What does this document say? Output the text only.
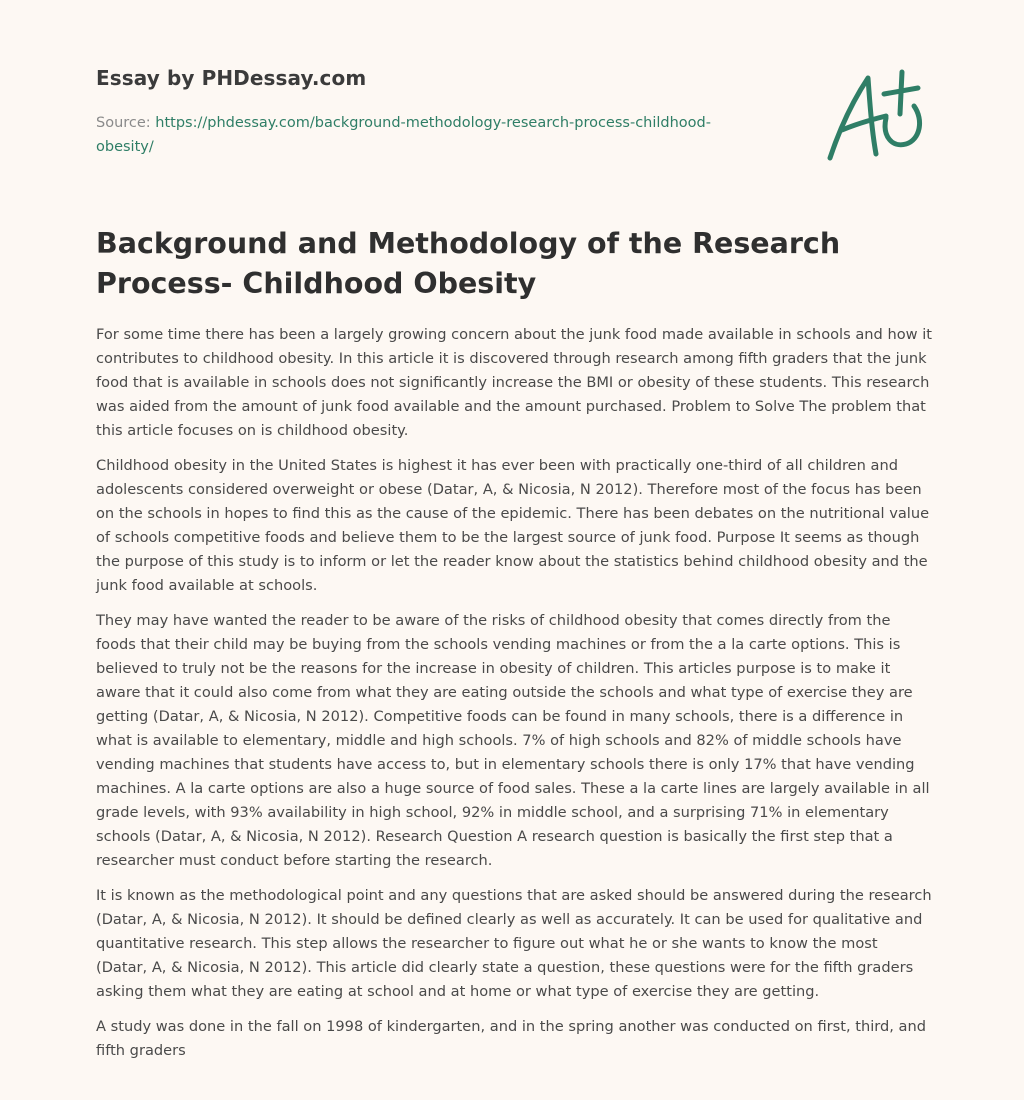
Essay by PHDessay.com

Source: https://phdessay.com/background-methodology-research-process-childhood-obesity/

Background and Methodology of the Research Process- Childhood Obesity

For some time there has been a largely growing concern about the junk food made available in schools and how it contributes to childhood obesity. In this article it is discovered through research among fifth graders that the junk food that is available in schools does not significantly increase the BMI or obesity of these students. This research was aided from the amount of junk food available and the amount purchased. Problem to Solve The problem that this article focuses on is childhood obesity.

Childhood obesity in the United States is highest it has ever been with practically one-third of all children and adolescents considered overweight or obese (Datar, A, & Nicosia, N 2012). Therefore most of the focus has been on the schools in hopes to find this as the cause of the epidemic. There has been debates on the nutritional value of schools competitive foods and believe them to be the largest source of junk food. Purpose It seems as though the purpose of this study is to inform or let the reader know about the statistics behind childhood obesity and the junk food available at schools.

They may have wanted the reader to be aware of the risks of childhood obesity that comes directly from the foods that their child may be buying from the schools vending machines or from the a la carte options. This is believed to truly not be the reasons for the increase in obesity of children. This articles purpose is to make it aware that it could also come from what they are eating outside the schools and what type of exercise they are getting (Datar, A, & Nicosia, N 2012). Competitive foods can be found in many schools, there is a difference in what is available to elementary, middle and high schools. 7% of high schools and 82% of middle schools have vending machines that students have access to, but in elementary schools there is only 17% that have vending machines. A la carte options are also a huge source of food sales. These a la carte lines are largely available in all grade levels, with 93% availability in high school, 92% in middle school, and a surprising 71% in elementary schools (Datar, A, & Nicosia, N 2012). Research Question A research question is basically the first step that a researcher must conduct before starting the research.

It is known as the methodological point and any questions that are asked should be answered during the research (Datar, A, & Nicosia, N 2012). It should be defined clearly as well as accurately. It can be used for qualitative and quantitative research. This step allows the researcher to figure out what he or she wants to know the most (Datar, A, & Nicosia, N 2012). This article did clearly state a question, these questions were for the fifth graders asking them what they are eating at school and at home or what type of exercise they are getting.

A study was done in the fall on 1998 of kindergarten, and in the spring another was conducted on first, third, and fifth graders
